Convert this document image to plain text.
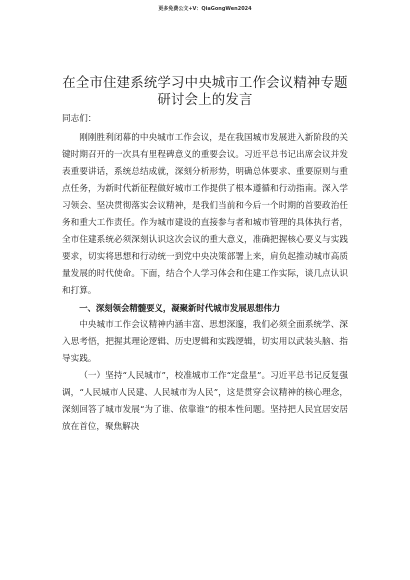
更多免费公文+V：QiaGongWen2024
在全市住建系统学习中央城市工作会议精神专题研讨会上的发言
同志们：

刚刚胜利闭幕的中央城市工作会议，是在我国城市发展进入新阶段的关键时期召开的一次具有里程碑意义的重要会议。习近平总书记出席会议并发表重要讲话，系统总结成就，深刻分析形势，明确总体要求、重要原则与重点任务，为新时代新征程做好城市工作提供了根本遵循和行动指南。深入学习领会、坚决贯彻落实会议精神，是我们当前和今后一个时期的首要政治任务和重大工作责任。作为城市建设的直接参与者和城市管理的具体执行者，全市住建系统必须深刻认识这次会议的重大意义，准确把握核心要义与实践要求，切实将思想和行动统一到党中央决策部署上来，肩负起推动城市高质量发展的时代使命。下面，结合个人学习体会和住建工作实际，谈几点认识和打算。

一、深刻领会精髓要义，凝聚新时代城市发展思想伟力

中央城市工作会议精神内涵丰富、思想深邃，我们必须全面系统学、深入思考悟，把握其理论逻辑、历史逻辑和实践逻辑，切实用以武装头脑、指导实践。

（一）坚持“人民城市”，校准城市工作“定盘星”。习近平总书记反复强调，“人民城市人民建、人民城市为人民”，这是贯穿会议精神的核心理念，深刻回答了城市发展“为了谁、依靠谁”的根本性问题。坚持把人民宜居安居放在首位，聚焦解决
